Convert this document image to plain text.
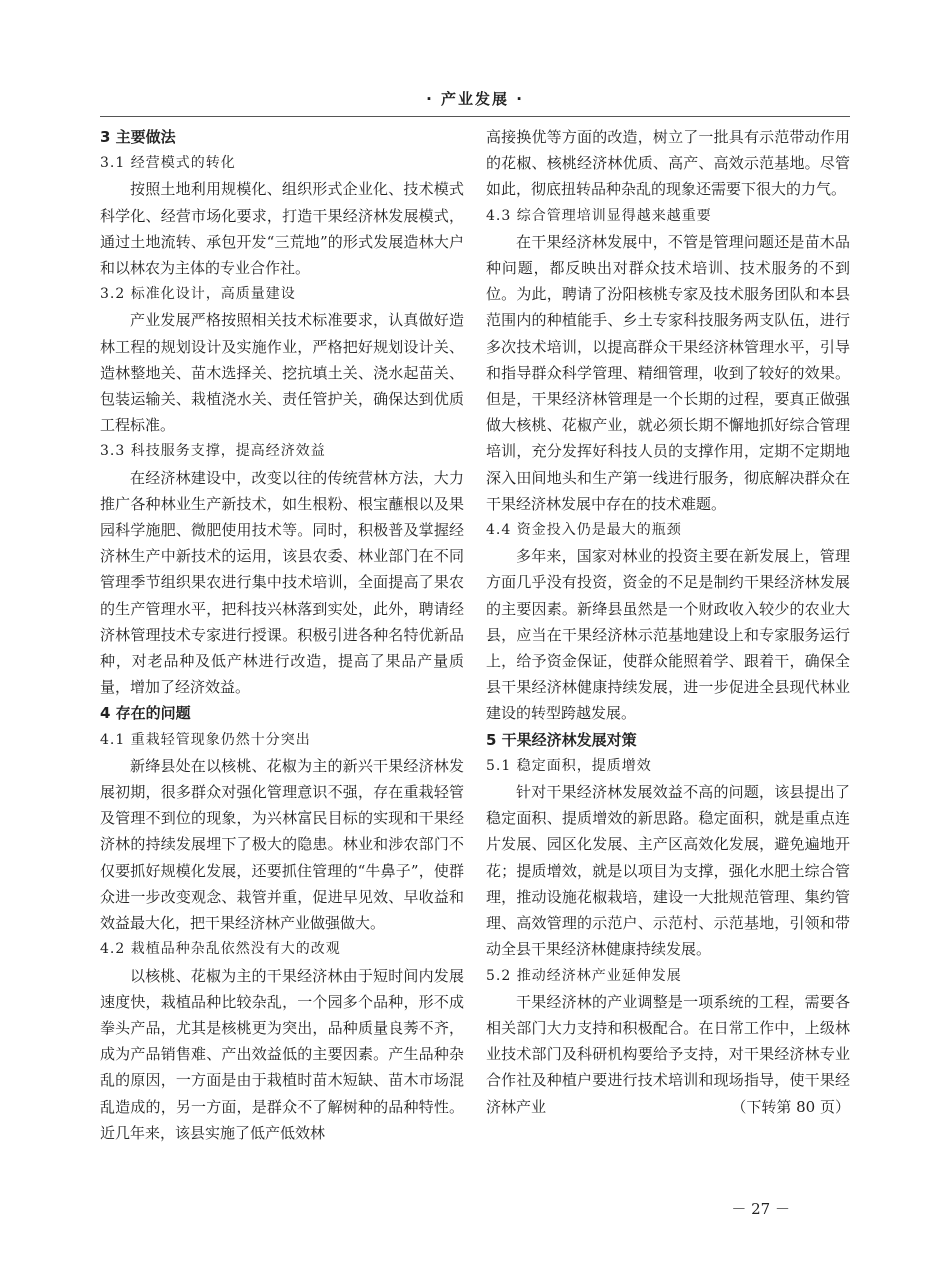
· 产业发展 ·
3 主要做法
3.1 经营模式的转化

按照土地利用规模化、组织形式企业化、技术模式科学化、经营市场化要求，打造干果经济林发展模式，通过土地流转、承包开发“三荒地”的形式发展造林大户和以林农为主体的专业合作社。

3.2 标准化设计，高质量建设

产业发展严格按照相关技术标准要求，认真做好造林工程的规划设计及实施作业，严格把好规划设计关、造林整地关、苗木选择关、挖抗填土关、浇水起苗关、包装运输关、栽植浇水关、责任管护关，确保达到优质工程标准。

3.3 科技服务支撑，提高经济效益

在经济林建设中，改变以往的传统营林方法，大力推广各种林业生产新技术，如生根粉、根宝蘸根以及果园科学施肥、微肥使用技术等。同时，积极普及掌握经济林生产中新技术的运用，该县农委、林业部门在不同管理季节组织果农进行集中技术培训，全面提高了果农的生产管理水平，把科技兴林落到实处，此外，聘请经济林管理技术专家进行授课。积极引进各种名特优新品种，对老品种及低产林进行改造，提高了果品产量质量，增加了经济效益。

4 存在的问题
4.1 重栽轻管现象仍然十分突出

新绛县处在以核桃、花椒为主的新兴干果经济林发展初期，很多群众对强化管理意识不强，存在重栽轻管及管理不到位的现象，为兴林富民目标的实现和干果经济林的持续发展埋下了极大的隐患。林业和涉农部门不仅要抓好规模化发展，还要抓住管理的“牛鼻子”，使群众进一步改变观念、栽管并重，促进早见效、早收益和效益最大化，把干果经济林产业做强做大。

4.2 栽植品种杂乱依然没有大的改观

以核桃、花椒为主的干果经济林由于短时间内发展速度快，栽植品种比较杂乱，一个园多个品种，形不成拳头产品，尤其是核桃更为突出，品种质量良莠不齐，成为产品销售难、产出效益低的主要因素。产生品种杂乱的原因，一方面是由于栽植时苗木短缺、苗木市场混乱造成的，另一方面，是群众不了解树种的品种特性。近几年来，该县实施了低产低效林

高接换优等方面的改造，树立了一批具有示范带动作用的花椒、核桃经济林优质、高产、高效示范基地。尽管如此，彻底扭转品种杂乱的现象还需要下很大的力气。

4.3 综合管理培训显得越来越重要

在干果经济林发展中，不管是管理问题还是苗木品种问题，都反映出对群众技术培训、技术服务的不到位。为此，聘请了汾阳核桃专家及技术服务团队和本县范围内的种植能手、乡土专家科技服务两支队伍，进行多次技术培训，以提高群众干果经济林管理水平，引导和指导群众科学管理、精细管理，收到了较好的效果。但是，干果经济林管理是一个长期的过程，要真正做强做大核桃、花椒产业，就必须长期不懈地抓好综合管理培训，充分发挥好科技人员的支撑作用，定期不定期地深入田间地头和生产第一线进行服务，彻底解决群众在干果经济林发展中存在的技术难题。

4.4 资金投入仍是最大的瓶颈

多年来，国家对林业的投资主要在新发展上，管理方面几乎没有投资，资金的不足是制约干果经济林发展的主要因素。新绛县虽然是一个财政收入较少的农业大县，应当在干果经济林示范基地建设上和专家服务运行上，给予资金保证，使群众能照着学、跟着干，确保全县干果经济林健康持续发展，进一步促进全县现代林业建设的转型跨越发展。

5 干果经济林发展对策
5.1 稳定面积，提质增效

针对干果经济林发展效益不高的问题，该县提出了稳定面积、提质增效的新思路。稳定面积，就是重点连片发展、园区化发展、主产区高效化发展，避免遍地开花；提质增效，就是以项目为支撑，强化水肥土综合管理，推动设施花椒栽培，建设一大批规范管理、集约管理、高效管理的示范户、示范村、示范基地，引领和带动全县干果经济林健康持续发展。

5.2 推动经济林产业延伸发展

干果经济林的产业调整是一项系统的工程，需要各相关部门大力支持和积极配合。在日常工作中，上级林业技术部门及科研机构要给予支持，对干果经济林专业合作社及种植户要进行技术培训和现场指导，使干果经济林产业	（下转第 80 页）

－ 27 －
